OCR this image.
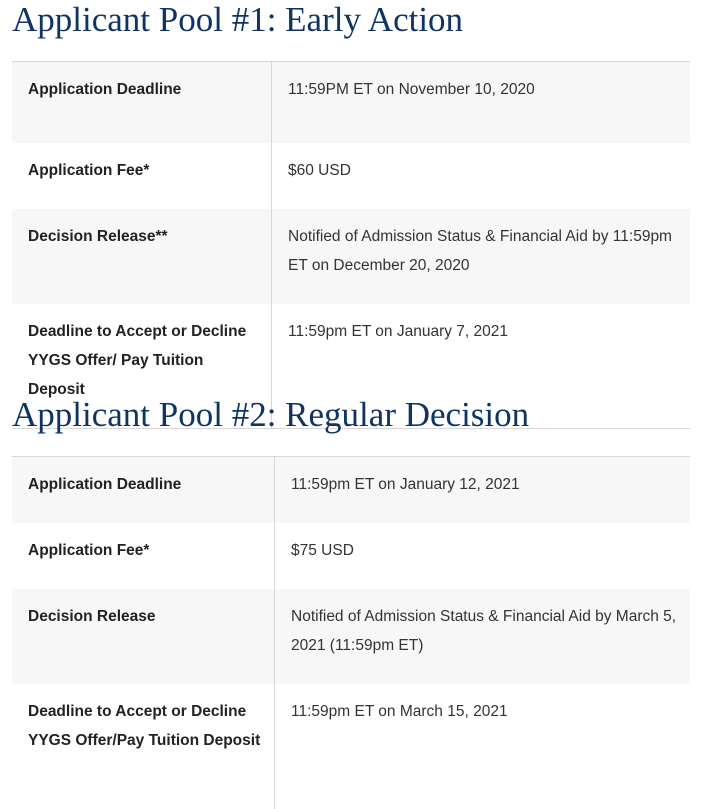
Applicant Pool #1: Early Action
Application Deadline	11:59PM ET on November 10, 2020
Application Fee*	$60 USD
Decision Release**	Notified of Admission Status & Financial Aid by 11:59pm ET on December 20, 2020
Deadline to Accept or Decline YYGS Offer/ Pay Tuition Deposit	11:59pm ET on January 7, 2021
Applicant Pool #2: Regular Decision
Application Deadline	11:59pm ET on January 12, 2021
Application Fee*	$75 USD
Decision Release	Notified of Admission Status & Financial Aid by March 5, 2021 (11:59pm ET)
Deadline to Accept or Decline YYGS Offer/Pay Tuition Deposit	11:59pm ET on March 15, 2021
